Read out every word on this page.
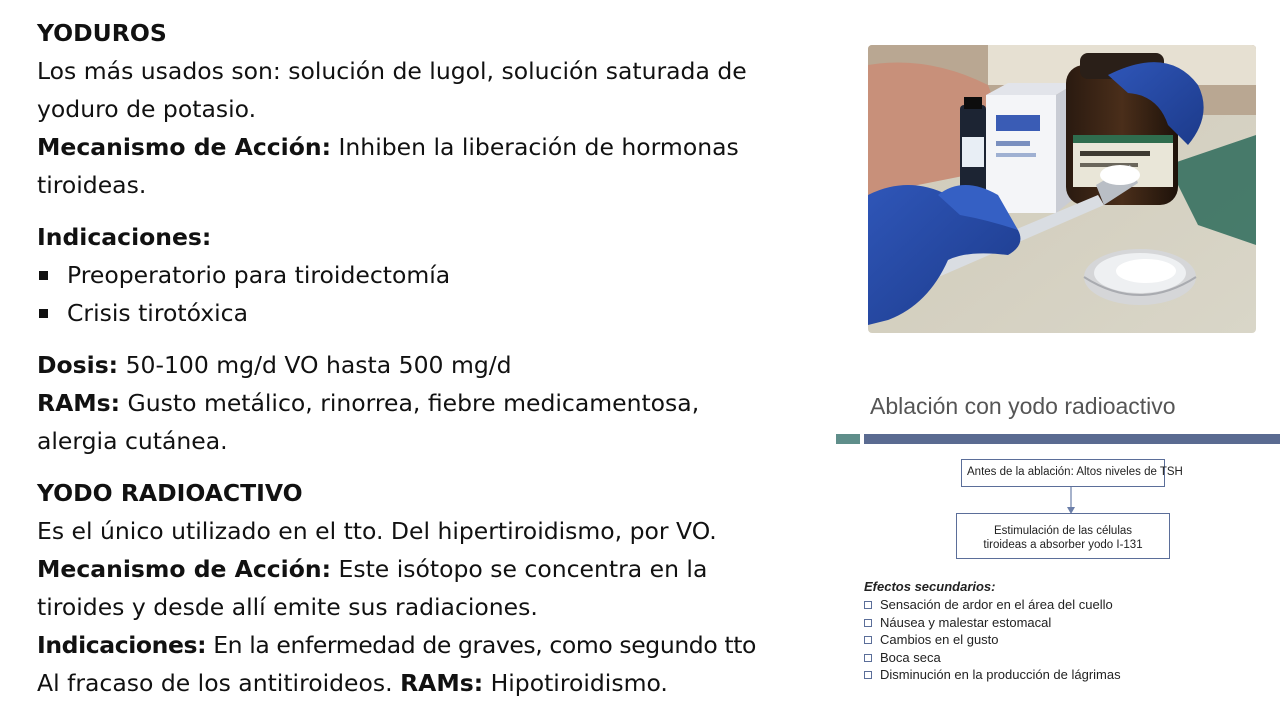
YODUROS

Los más usados son: solución de lugol, solución saturada de

yoduro de potasio.

Mecanismo de Acción: Inhiben la liberación de hormonas

tiroideas.

Indicaciones:

Preoperatorio para tiroidectomía
Crisis tirotóxica

Dosis: 50-100 mg/d VO hasta 500 mg/d

RAMs: Gusto metálico, rinorrea, fiebre medicamentosa,

alergia cutánea.

YODO RADIOACTIVO

Es el único utilizado en el tto. Del hipertiroidismo, por VO.

Mecanismo de Acción: Este isótopo se concentra en la

tiroides y desde allí emite sus radiaciones.

Indicaciones: En la enfermedad de graves, como segundo tto

Al fracaso de los antitiroideos. RAMs: Hipotiroidismo.

Ablación con yodo radioactivo
Antes de la ablación: Altos niveles de TSH
Estimulación de las células
tiroideas a absorber yodo I-131
Efectos secundarios:
Sensación de ardor en el área del cuello
Náusea y malestar estomacal
Cambios en el gusto
Boca seca
Disminución en la producción de lágrimas
